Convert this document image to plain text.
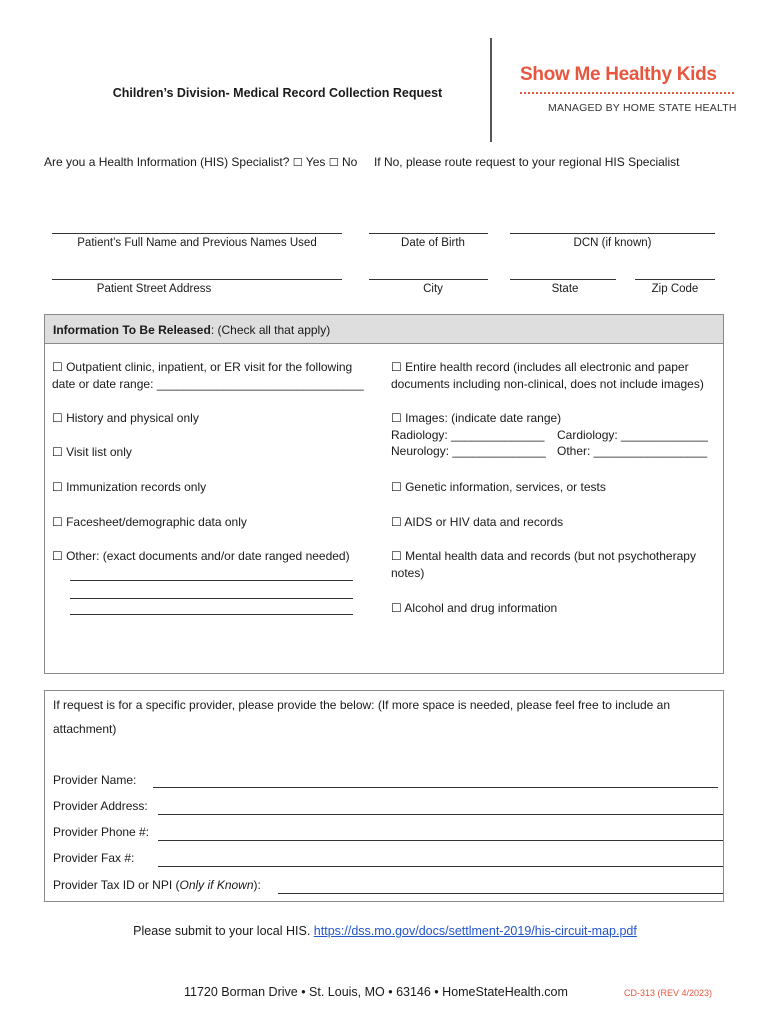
Children’s Division- Medical Record Collection Request
Show Me Healthy Kids
MANAGED BY HOME STATE HEALTH
Are you a Health Information (HIS) Specialist? ☐ Yes ☐ No If No, please route request to your regional HIS Specialist
Patient’s Full Name and Previous Names Used	Date of Birth	DCN (if known)
Patient Street Address	City	State	Zip Code
Information To Be Released: (Check all that apply)
☐ Outpatient clinic, inpatient, or ER visit for the following
date or date range: _______________________________
☐ History and physical only
☐ Visit list only
☐ Immunization records only
☐ Facesheet/demographic data only
☐ Other: (exact documents and/or date ranged needed)
☐ Entire health record (includes all electronic and paper
documents including non-clinical, does not include images)
☐ Images: (indicate date range)
Radiology: ______________ Cardiology: _____________
Neurology: ______________ Other: _________________
☐ Genetic information, services, or tests
☐ AIDS or HIV data and records
☐ Mental health data and records (but not psychotherapy
notes)
☐ Alcohol and drug information
If request is for a specific provider, please provide the below: (If more space is needed, please feel free to include an
attachment)
Provider Name:
Provider Address:
Provider Phone #:
Provider Fax #:
Provider Tax ID or NPI (Only if Known):
Please submit to your local HIS. https://dss.mo.gov/docs/settlment-2019/his-circuit-map.pdf
11720 Borman Drive • St. Louis, MO • 63146 • HomeStateHealth.com	CD-313 (REV 4/2023)
